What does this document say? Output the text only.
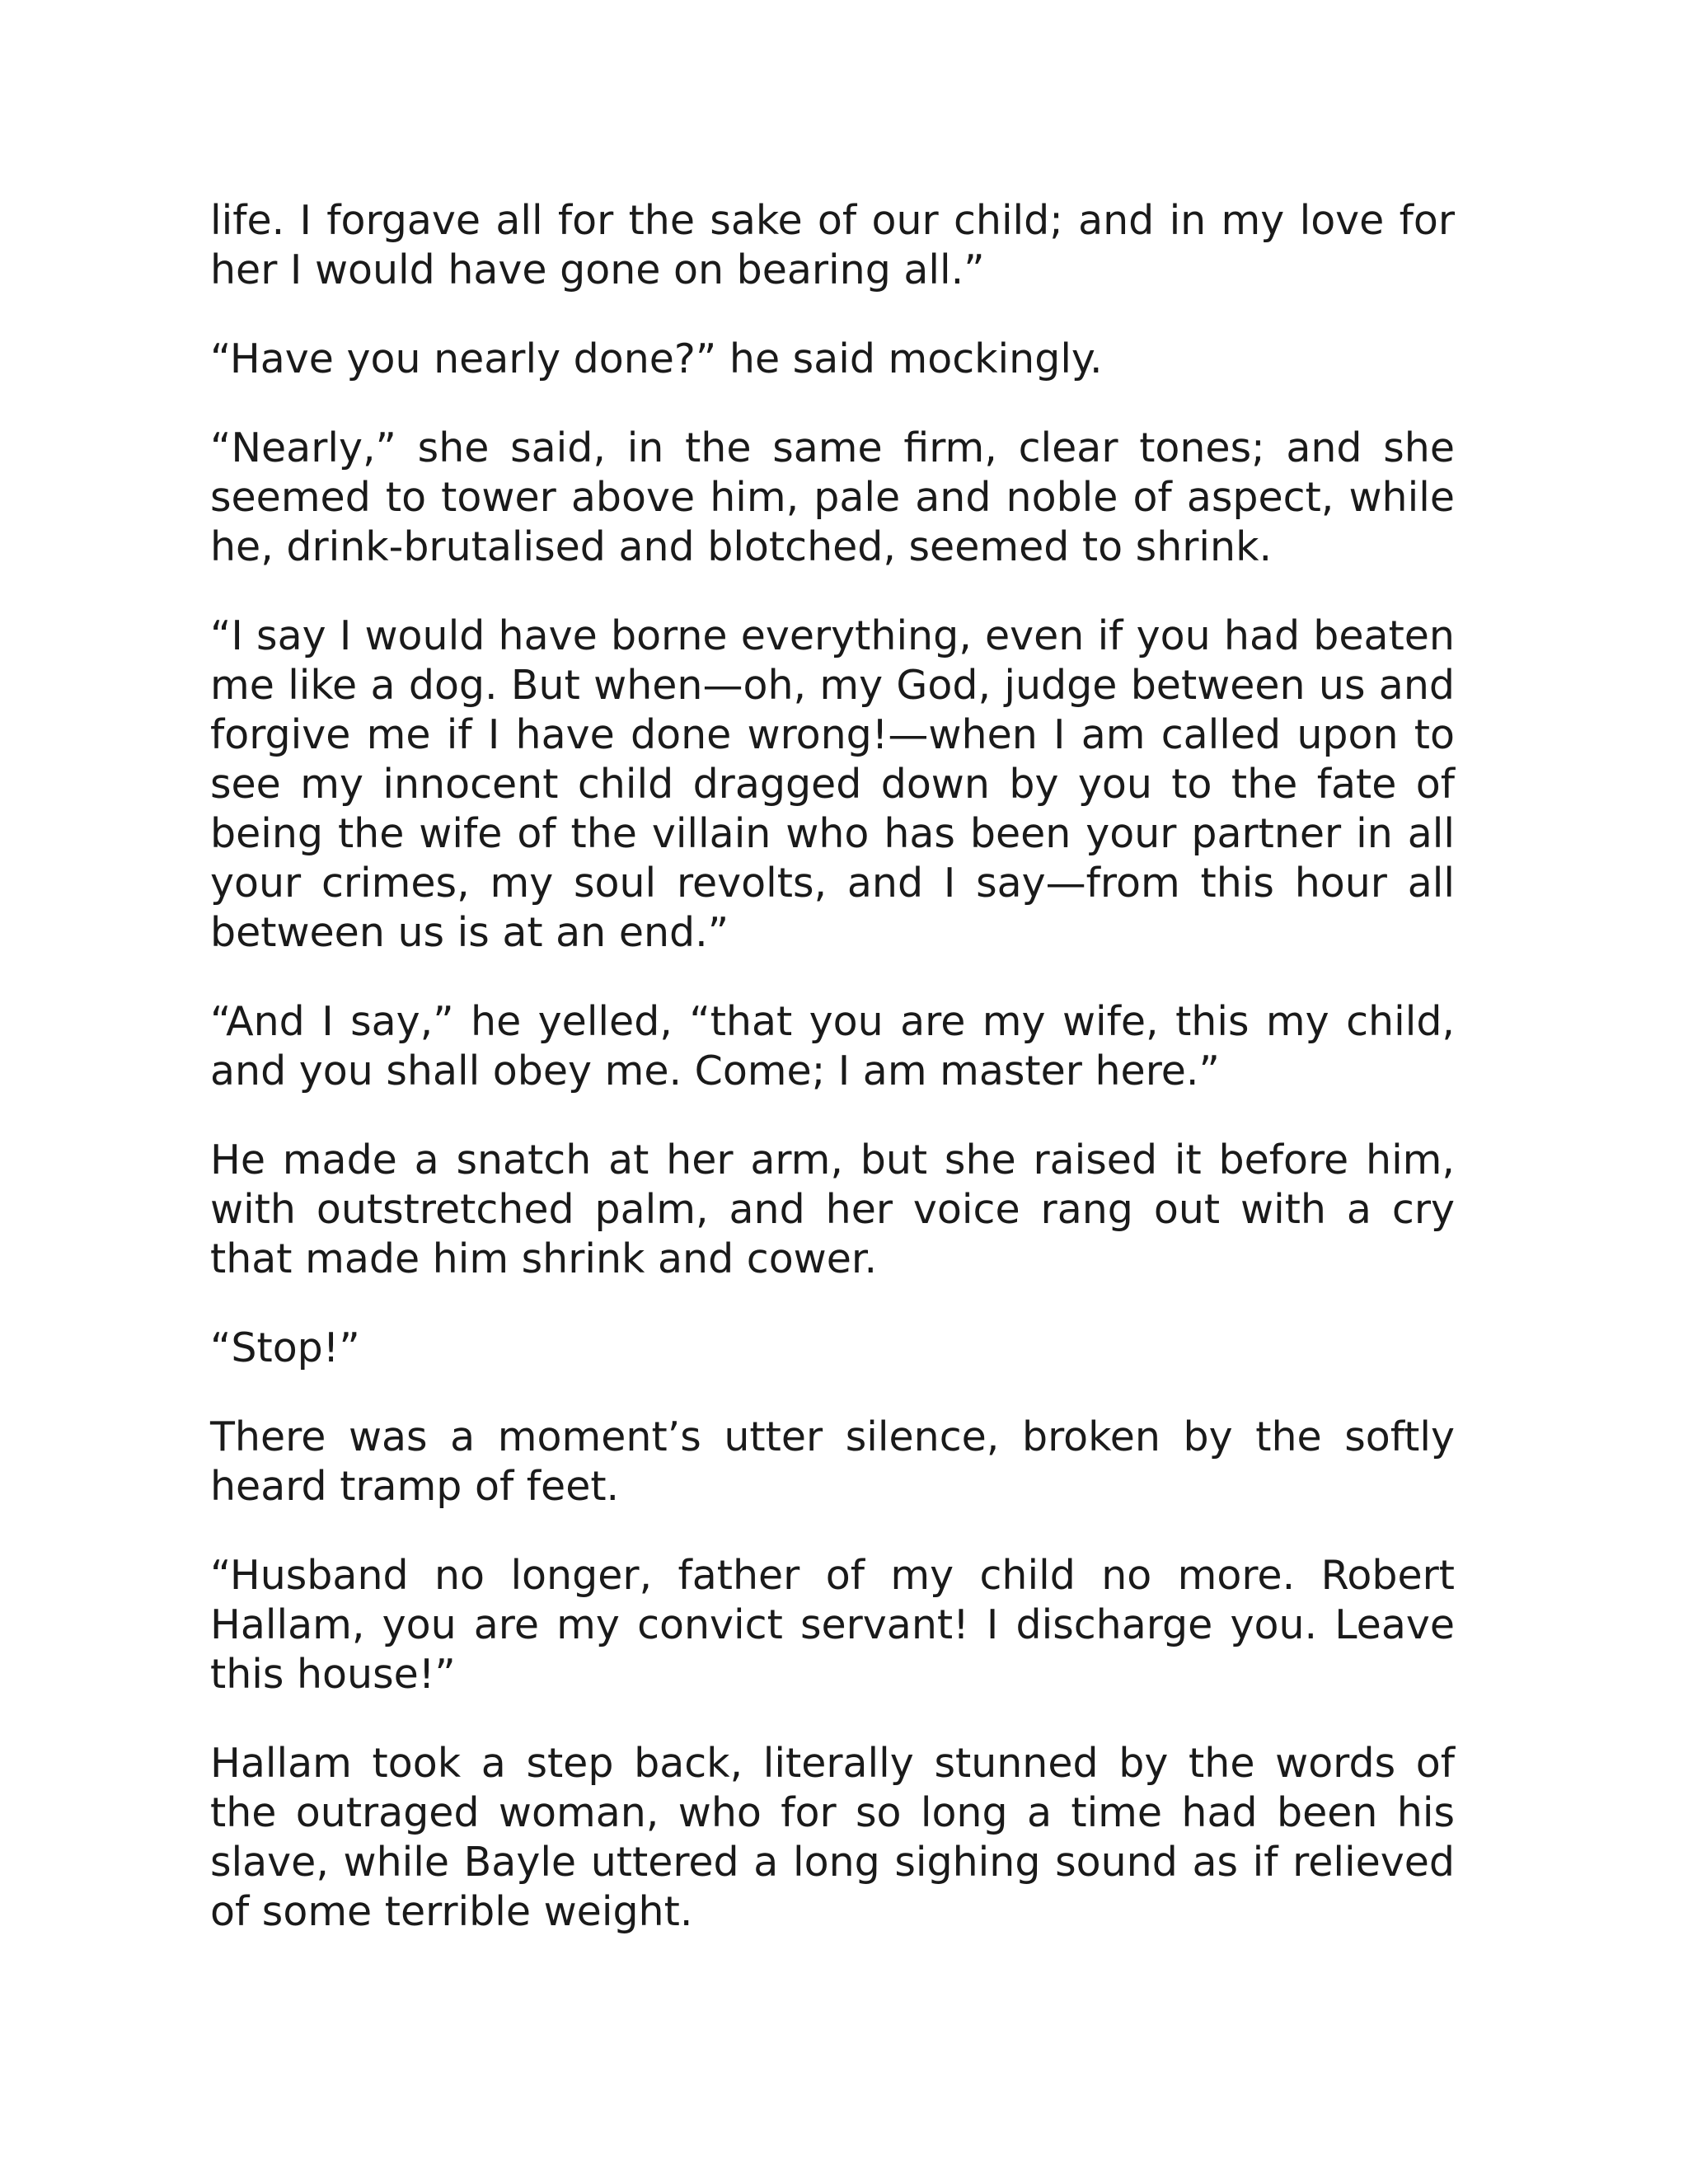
life. I forgave all for the sake of our child; and in my love for her I would have gone on bearing all.”

“Have you nearly done?” he said mockingly.

“Nearly,” she said, in the same firm, clear tones; and she seemed to tower above him, pale and noble of aspect, while he, drink-brutalised and blotched, seemed to shrink.

“I say I would have borne everything, even if you had beaten me like a dog. But when—oh, my God, judge between us and forgive me if I have done wrong!—when I am called upon to see my innocent child dragged down by you to the fate of being the wife of the villain who has been your partner in all your crimes, my soul revolts, and I say—from this hour all between us is at an end.”

“And I say,” he yelled, “that you are my wife, this my child, and you shall obey me. Come; I am master here.”

He made a snatch at her arm, but she raised it before him, with outstretched palm, and her voice rang out with a cry that made him shrink and cower.

“Stop!”

There was a moment’s utter silence, broken by the softly heard tramp of feet.

“Husband no longer, father of my child no more. Robert Hallam, you are my convict servant! I discharge you. Leave this house!”

Hallam took a step back, literally stunned by the words of the outraged woman, who for so long a time had been his slave, while Bayle uttered a long sighing sound as if relieved of some terrible weight.
